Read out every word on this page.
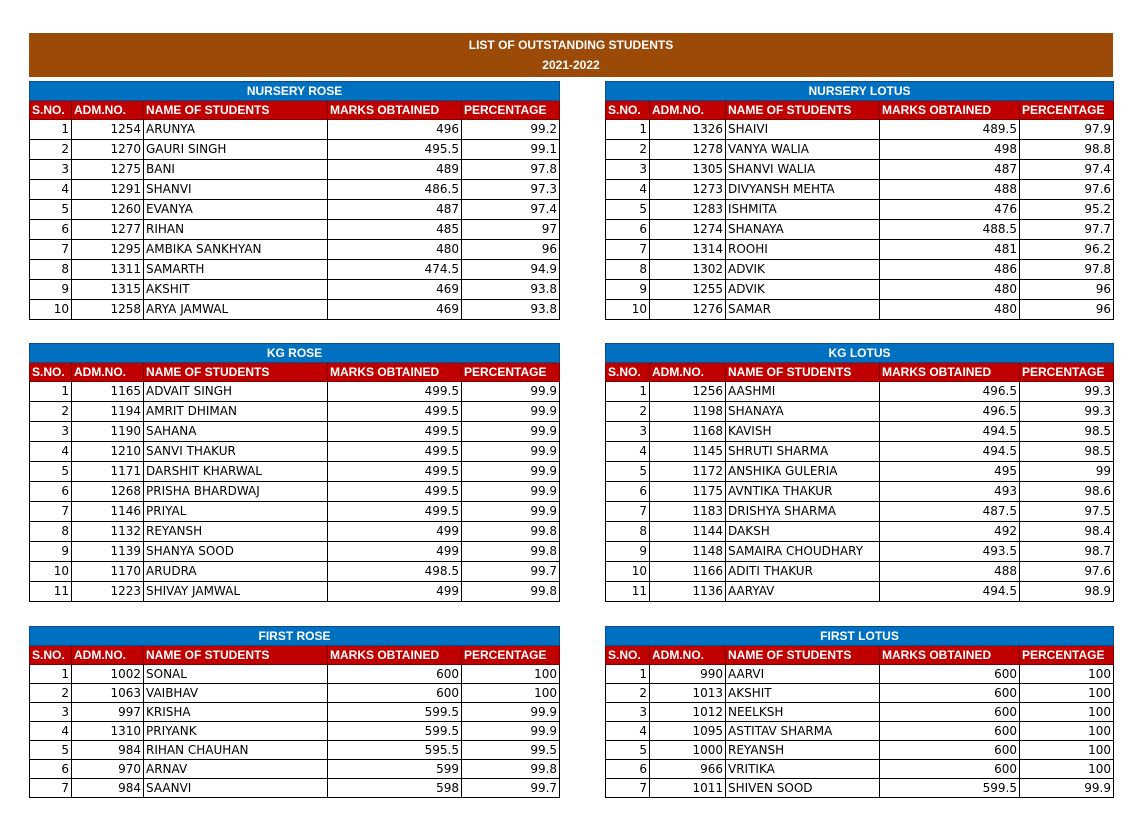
LIST OF OUTSTANDING STUDENTS
2021-2022
NURSERY ROSE				
S.NO.	ADM.NO.	NAME OF STUDENTS	MARKS OBTAINED	PERCENTAGE
1	1254	ARUNYA	496	99.2
2	1270	GAURI SINGH	495.5	99.1
3	1275	BANI	489	97.8
4	1291	SHANVI	486.5	97.3
5	1260	EVANYA	487	97.4
6	1277	RIHAN	485	97
7	1295	AMBIKA SANKHYAN	480	96
8	1311	SAMARTH	474.5	94.9
9	1315	AKSHIT	469	93.8
10	1258	ARYA JAMWAL	469	93.8
NURSERY LOTUS				
S.NO.	ADM.NO.	NAME OF STUDENTS	MARKS OBTAINED	PERCENTAGE
1	1326	SHAIVI	489.5	97.9
2	1278	VANYA WALIA	498	98.8
3	1305	SHANVI WALIA	487	97.4
4	1273	DIVYANSH MEHTA	488	97.6
5	1283	ISHMITA	476	95.2
6	1274	SHANAYA	488.5	97.7
7	1314	ROOHI	481	96.2
8	1302	ADVIK	486	97.8
9	1255	ADVIK	480	96
10	1276	SAMAR	480	96
KG ROSE				
S.NO.	ADM.NO.	NAME OF STUDENTS	MARKS OBTAINED	PERCENTAGE
1	1165	ADVAIT SINGH	499.5	99.9
2	1194	AMRIT DHIMAN	499.5	99.9
3	1190	SAHANA	499.5	99.9
4	1210	SANVI THAKUR	499.5	99.9
5	1171	DARSHIT KHARWAL	499.5	99.9
6	1268	PRISHA BHARDWAJ	499.5	99.9
7	1146	PRIYAL	499.5	99.9
8	1132	REYANSH	499	99.8
9	1139	SHANYA SOOD	499	99.8
10	1170	ARUDRA	498.5	99.7
11	1223	SHIVAY JAMWAL	499	99.8
KG LOTUS				
S.NO.	ADM.NO.	NAME OF STUDENTS	MARKS OBTAINED	PERCENTAGE
1	1256	AASHMI	496.5	99.3
2	1198	SHANAYA	496.5	99.3
3	1168	KAVISH	494.5	98.5
4	1145	SHRUTI SHARMA	494.5	98.5
5	1172	ANSHIKA GULERIA	495	99
6	1175	AVNTIKA THAKUR	493	98.6
7	1183	DRISHYA SHARMA	487.5	97.5
8	1144	DAKSH	492	98.4
9	1148	SAMAIRA CHOUDHARY	493.5	98.7
10	1166	ADITI THAKUR	488	97.6
11	1136	AARYAV	494.5	98.9
FIRST ROSE				
S.NO.	ADM.NO.	NAME OF STUDENTS	MARKS OBTAINED	PERCENTAGE
1	1002	SONAL	600	100
2	1063	VAIBHAV	600	100
3	997	KRISHA	599.5	99.9
4	1310	PRIYANK	599.5	99.9
5	984	RIHAN CHAUHAN	595.5	99.5
6	970	ARNAV	599	99.8
7	984	SAANVI	598	99.7
FIRST LOTUS				
S.NO.	ADM.NO.	NAME OF STUDENTS	MARKS OBTAINED	PERCENTAGE
1	990	AARVI	600	100
2	1013	AKSHIT	600	100
3	1012	NEELKSH	600	100
4	1095	ASTITAV SHARMA	600	100
5	1000	REYANSH	600	100
6	966	VRITIKA	600	100
7	1011	SHIVEN SOOD	599.5	99.9
